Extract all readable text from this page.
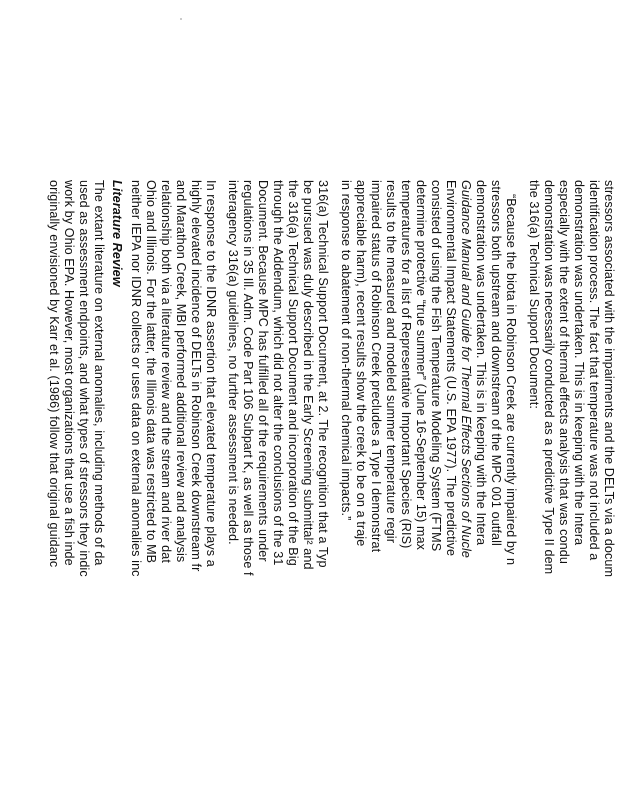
stressors associated with the impairments and the DELTs via a docum
identification process. The fact that temperature was not included a
demonstration was undertaken. This is in keeping with the Intera
especially with the extent of thermal effects analysis that was condu
demonstration was necessarily conducted as a predictive Type II dem
the 316(a) Technical Support Document:
“Because the biota in Robinson Creek are currently impaired by n
stressors both upstream and downstream of the MPC 001 outfall
demonstration was undertaken. This is in keeping with the Intera
Guidance Manual and Guide for Thermal Effects Sections of Nucle
Environmental Impact Statements (U.S. EPA 1977). The predictive
consisted of using the Fish Temperature Modeling System (FTMS
determine protective “true summer” (June 16-September 15) max
temperatures for a list of Representative Important Species (RIS)
results to the measured and modeled summer temperature regir
impaired status of Robinson Creek precludes a Type I demonstrat
appreciable harm), recent results show the creek to be on a traje
in response to abatement of non-thermal chemical impacts.”
316(a) Technical Support Document, at 2. The recognition that a Typ
be pursued was duly described in the Early Screening submittal² and
the 316(a) Technical Support Document and incorporation of the Big
through the Addendum, which did not alter the conclusions of the 31
Document. Because MPC has fulfilled all of the requirements under
regulations in 35 Ill. Adm. Code Part 106 Subpart K, as well as those f
interagency 316(a) guidelines, no further assessment is needed.
In response to the IDNR assertion that elevated temperature plays a
highly elevated incidence of DELTs in Robinson Creek downstream fr
and Marathon Creek, MBI performed additional review and analysis
relationship both via a literature review and the stream and river dat
Ohio and Illinois. For the latter, the Illinois data was restricted to MB
neither IEPA nor IDNR collects or uses data on external anomalies inc
Literature Review
The extant literature on external anomalies, including methods of da
used as assessment endpoints, and what types of stressors they indic
work by Ohio EPA. However, most organizations that use a fish inde
originally envisioned by Karr et al. (1986) follow that original guidanc
